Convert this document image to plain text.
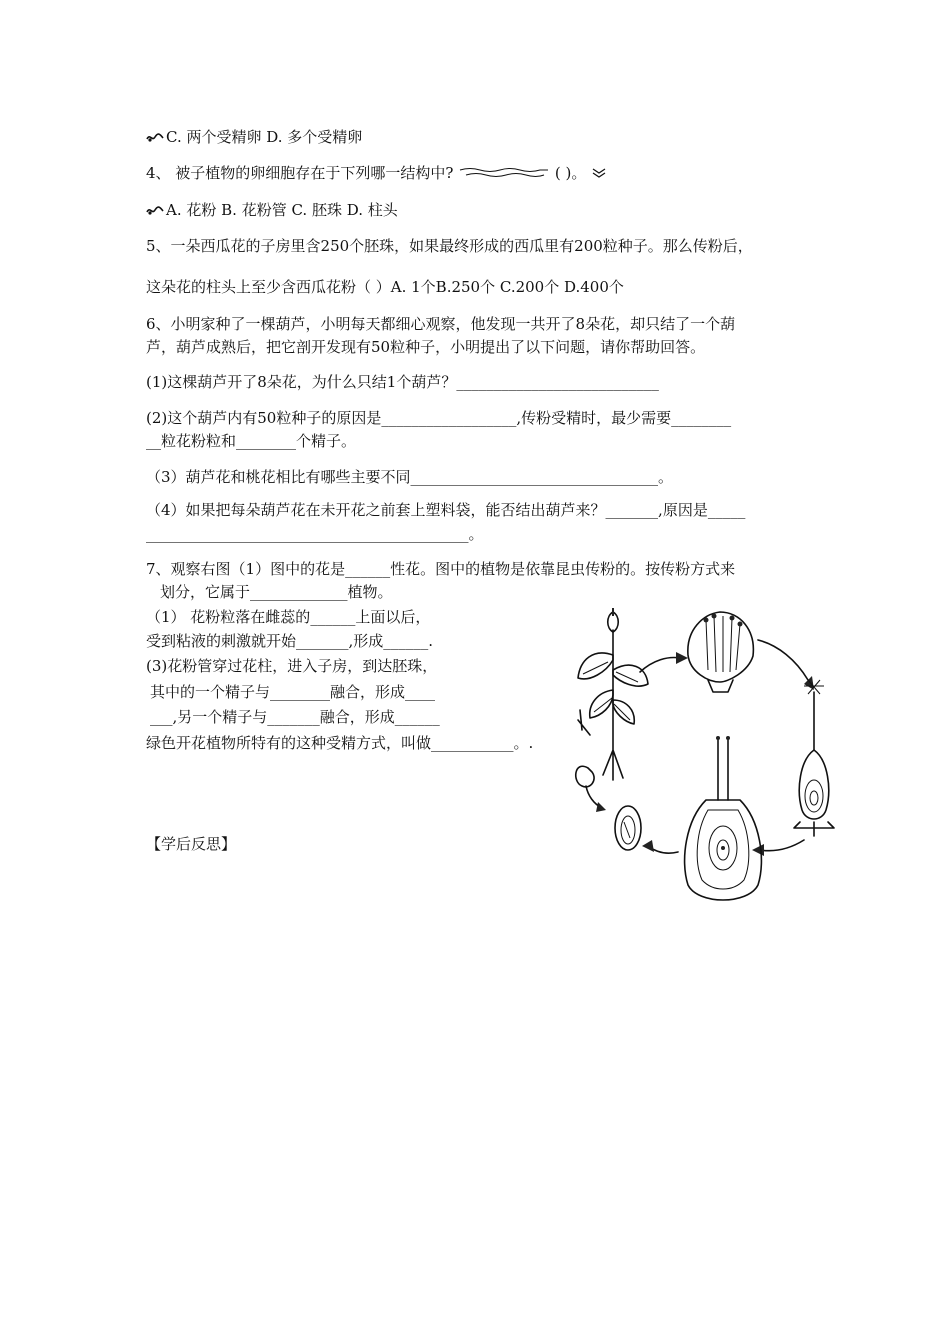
C. 两个受精卵 D. 多个受精卵
4、 被子植物的卵细胞存在于下列哪一结构中?	( )。
A. 花粉 B. 花粉管 C. 胚珠 D. 柱头
5、一朵西瓜花的子房里含250个胚珠，如果最终形成的西瓜里有200粒种子。那么传粉后，
这朵花的柱头上至少含西瓜花粉（ ）A. 1个B.250个 C.200个 D.400个
6、小明家种了一棵葫芦，小明每天都细心观察，他发现一共开了8朵花，却只结了一个葫
芦，葫芦成熟后，把它剖开发现有50粒种子，小明提出了以下问题，请你帮助回答。
(1)这棵葫芦开了8朵花，为什么只结1个葫芦？___________________________
(2)这个葫芦内有50粒种子的原因是__________________,传粉受精时，最少需要________
__粒花粉粒和________个精子。
（3）葫芦花和桃花相比有哪些主要不同_________________________________。
（4）如果把每朵葫芦花在未开花之前套上塑料袋，能否结出葫芦来？_______,原因是_____
___________________________________________。
7、观察右图（1）图中的花是______性花。图中的植物是依靠昆虫传粉的。按传粉方式来
划分，它属于_____________植物。
（1） 花粉粒落在雌蕊的______上面以后，
受到粘液的刺激就开始_______,形成______.
(3)花粉管穿过花柱，进入子房，到达胚珠，
其中的一个精子与________融合，形成____
___,另一个精子与_______融合，形成______
绿色开花植物所特有的这种受精方式，叫做___________。.
【学后反思】
